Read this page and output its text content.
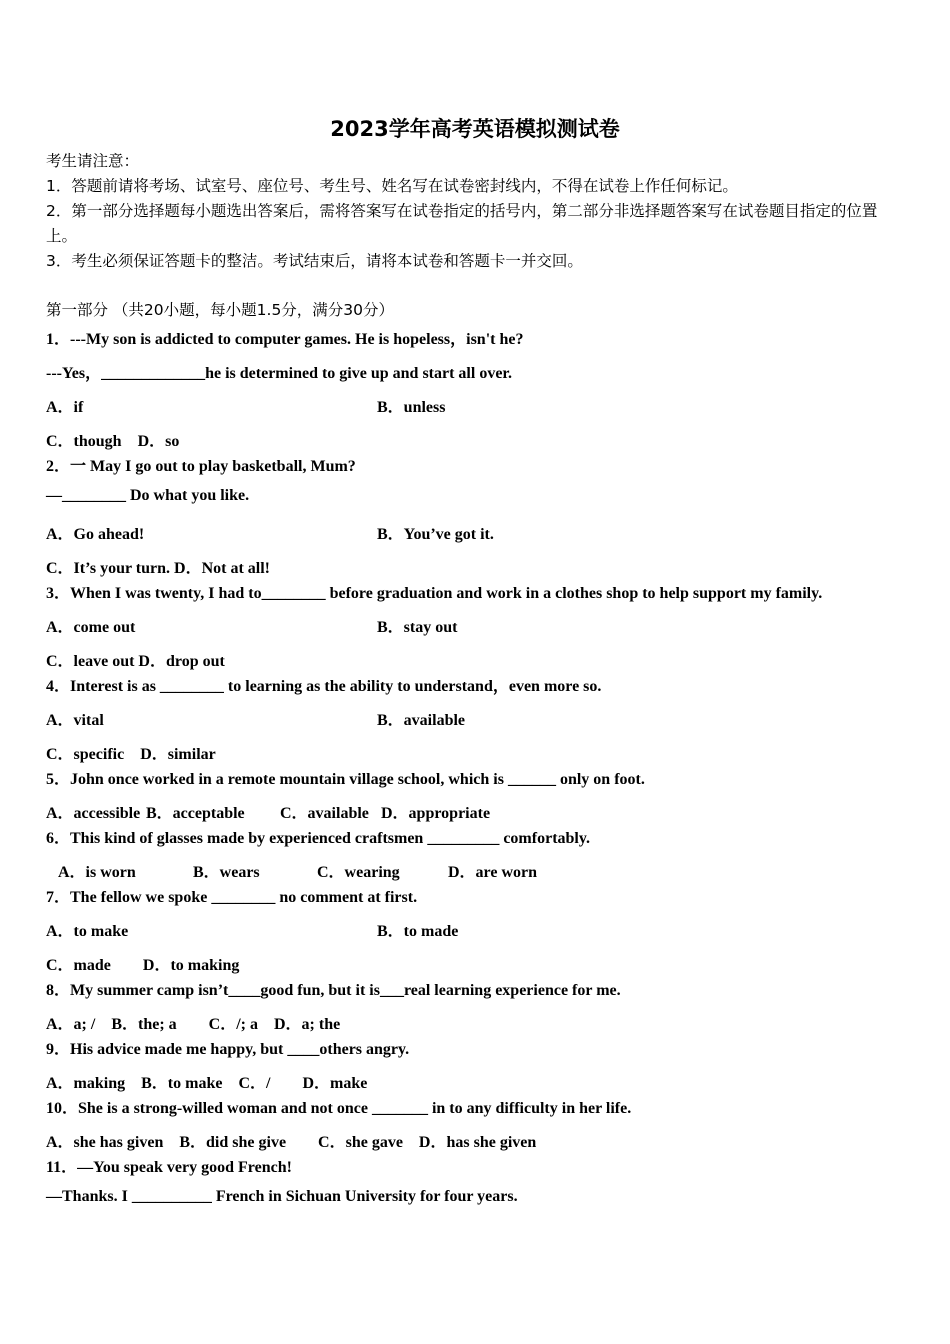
2023学年高考英语模拟测试卷
考生请注意：
1．答题前请将考场、试室号、座位号、考生号、姓名写在试卷密封线内，不得在试卷上作任何标记。
2．第一部分选择题每小题选出答案后，需将答案写在试卷指定的括号内，第二部分非选择题答案写在试卷题目指定的位置上。
3．考生必须保证答题卡的整洁。考试结束后，请将本试卷和答题卡一并交回。
第一部分 （共20小题，每小题1.5分，满分30分）
1．---My son is addicted to computer games. He is hopeless，isn't he?
---Yes，_____________he is determined to give up and start all over.
A．if	B．unless
C．though　D．so
2．一 May I go out to play basketball, Mum?
—________ Do what you like.
A．Go ahead!	B．You’ve got it.
C．It’s your turn. D．Not at all!
3．When I was twenty, I had to________ before graduation and work in a clothes shop to help support my family.
A．come out	B．stay out
C．leave out D．drop out
4．Interest is as ________ to learning as the ability to understand，even more so.
A．vital	B．available
C．specific　D．similar
5．John once worked in a remote mountain village school, which is ______ only on foot.
A．accessible B．acceptable C．available D．appropriate
6．This kind of glasses made by experienced craftsmen _________ comfortably.
A．is worn	B．wears	C．wearing	D．are worn
7．The fellow we spoke ________ no comment at first.
A．to make	B．to made
C．made　　D．to making
8．My summer camp isn’t____good fun, but it is___real learning experience for me.
A．a; /　B．the; a　　C．/; a　D．a; the
9．His advice made me happy, but ____others angry.
A．making　B．to make　C．/　　D．make
10．She is a strong-willed woman and not once _______ in to any difficulty in her life.
A．she has given　B．did she give　　C．she gave　D．has she given
11．—You speak very good French!
—Thanks. I __________ French in Sichuan University for four years.
